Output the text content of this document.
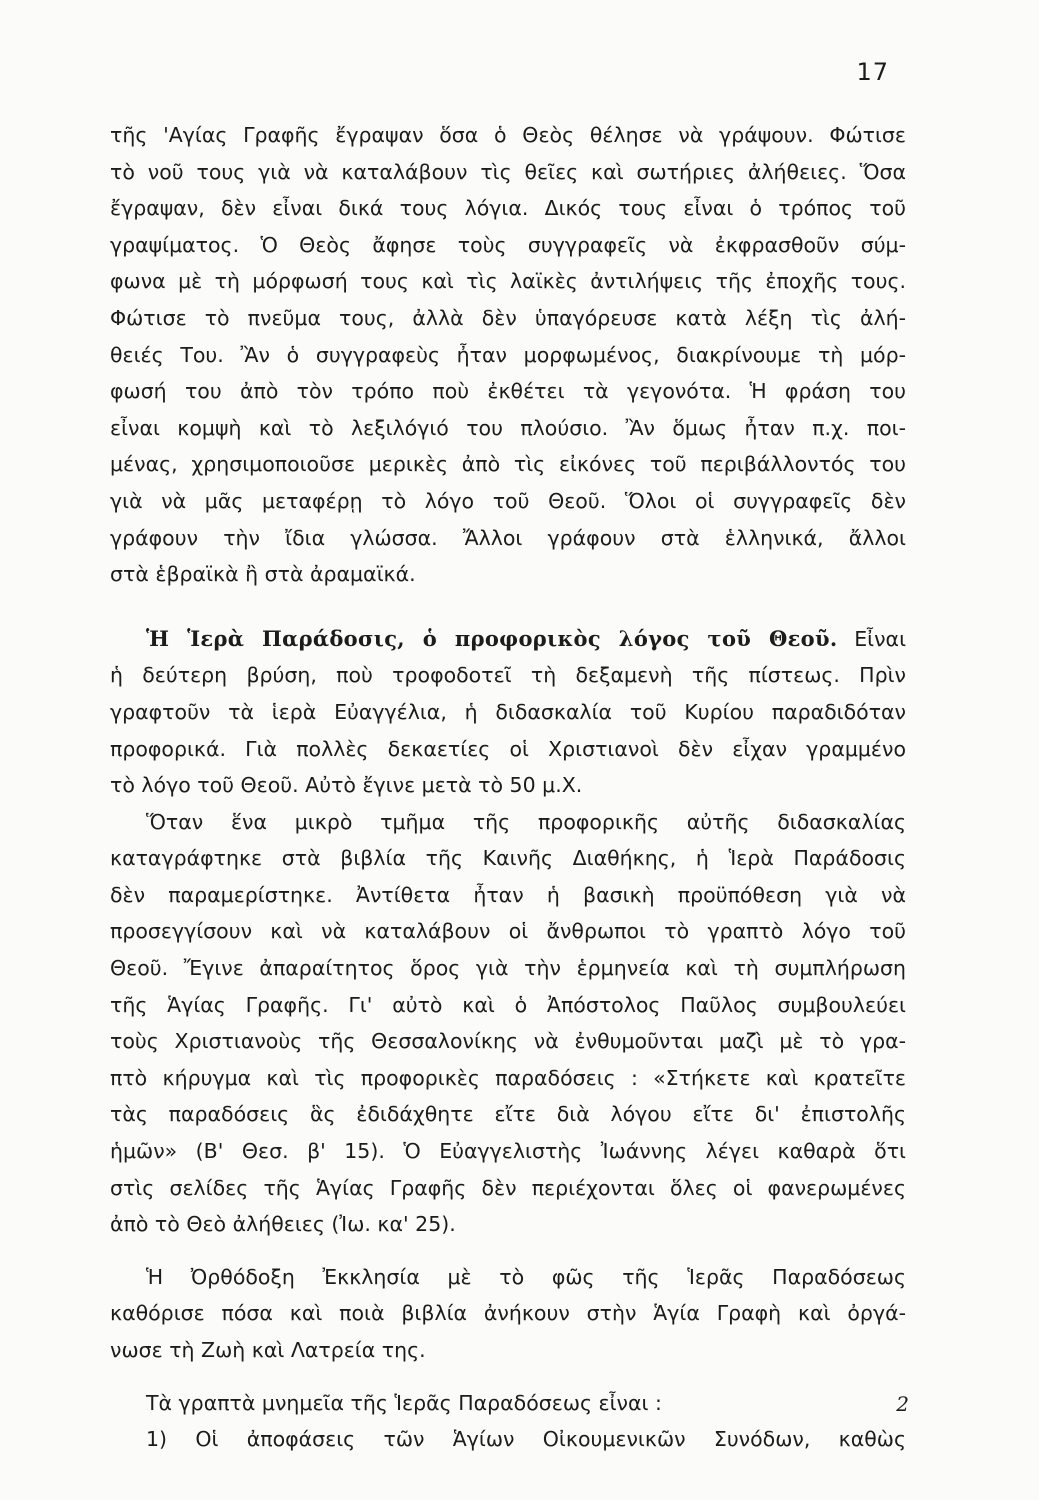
17

τῆς 'Αγίας Γραφῆς ἔγραψαν ὅσα ὁ Θεὸς θέλησε νὰ γράψουν. Φώτισε
τὸ νοῦ τους γιὰ νὰ καταλάβουν τὶς θεῖες καὶ σωτήριες ἀλήθειες. Ὅσα
ἔγραψαν, δὲν εἶναι δικά τους λόγια. Δικός τους εἶναι ὁ τρόπος τοῦ
γραψίματος. Ὁ Θεὸς ἄφησε τοὺς συγγραφεῖς νὰ ἐκφρασθοῦν σύμ-
φωνα μὲ τὴ μόρφωσή τους καὶ τὶς λαϊκὲς ἀντιλήψεις τῆς ἐποχῆς τους.
Φώτισε τὸ πνεῦμα τους, ἀλλὰ δὲν ὑπαγόρευσε κατὰ λέξη τὶς ἀλή-
θειές Του. Ἂν ὁ συγγραφεὺς ἦταν μορφωμένος, διακρίνουμε τὴ μόρ-
φωσή του ἀπὸ τὸν τρόπο ποὺ ἐκθέτει τὰ γεγονότα. Ἡ φράση του
εἶναι κομψὴ καὶ τὸ λεξιλόγιό του πλούσιο. Ἂν ὅμως ἦταν π.χ. ποι-
μένας, χρησιμοποιοῦσε μερικὲς ἀπὸ τὶς εἰκόνες τοῦ περιβάλλοντός του
γιὰ νὰ μᾶς μεταφέρῃ τὸ λόγο τοῦ Θεοῦ. Ὅλοι οἱ συγγραφεῖς δὲν
γράφουν τὴν ἴδια γλώσσα. Ἄλλοι γράφουν στὰ ἑλληνικά, ἄλλοι
στὰ ἑβραϊκὰ ἢ στὰ ἀραμαϊκά.

Ἡ Ἱερὰ Παράδοσις, ὁ προφορικὸς λόγος τοῦ Θεοῦ. Εἶναι
ἡ δεύτερη βρύση, ποὺ τροφοδοτεῖ τὴ δεξαμενὴ τῆς πίστεως. Πρὶν
γραφτοῦν τὰ ἱερὰ Εὐαγγέλια, ἡ διδασκαλία τοῦ Κυρίου παραδιδόταν
προφορικά. Γιὰ πολλὲς δεκαετίες οἱ Χριστιανοὶ δὲν εἶχαν γραμμένο
τὸ λόγο τοῦ Θεοῦ. Αὐτὸ ἔγινε μετὰ τὸ 50 μ.Χ.

Ὅταν ἕνα μικρὸ τμῆμα τῆς προφορικῆς αὐτῆς διδασκαλίας
καταγράφτηκε στὰ βιβλία τῆς Καινῆς Διαθήκης, ἡ Ἱερὰ Παράδοσις
δὲν παραμερίστηκε. Ἀντίθετα ἦταν ἡ βασικὴ προϋπόθεση γιὰ νὰ
προσεγγίσουν καὶ νὰ καταλάβουν οἱ ἄνθρωποι τὸ γραπτὸ λόγο τοῦ
Θεοῦ. Ἔγινε ἀπαραίτητος ὅρος γιὰ τὴν ἑρμηνεία καὶ τὴ συμπλήρωση
τῆς Ἁγίας Γραφῆς. Γι' αὐτὸ καὶ ὁ Ἀπόστολος Παῦλος συμβουλεύει
τοὺς Χριστιανοὺς τῆς Θεσσαλονίκης νὰ ἐνθυμοῦνται μαζὶ μὲ τὸ γρα-
πτὸ κήρυγμα καὶ τὶς προφορικὲς παραδόσεις : «Στήκετε καὶ κρατεῖτε
τὰς παραδόσεις ἃς ἐδιδάχθητε εἴτε διὰ λόγου εἴτε δι' ἐπιστολῆς
ἡμῶν» (Β' Θεσ. β' 15). Ὁ Εὐαγγελιστὴς Ἰωάννης λέγει καθαρὰ ὅτι
στὶς σελίδες τῆς Ἁγίας Γραφῆς δὲν περιέχονται ὅλες οἱ φανερωμένες
ἀπὸ τὸ Θεὸ ἀλήθειες (Ἰω. κα' 25).

Ἡ Ὀρθόδοξη Ἐκκλησία μὲ τὸ φῶς τῆς Ἱερᾶς Παραδόσεως
καθόρισε πόσα καὶ ποιὰ βιβλία ἀνήκουν στὴν Ἁγία Γραφὴ καὶ ὀργά-
νωσε τὴ Ζωὴ καὶ Λατρεία της.

Τὰ γραπτὰ μνημεῖα τῆς Ἱερᾶς Παραδόσεως εἶναι :

1) Οἱ ἀποφάσεις τῶν Ἁγίων Οἰκουμενικῶν Συνόδων, καθὼς

2
